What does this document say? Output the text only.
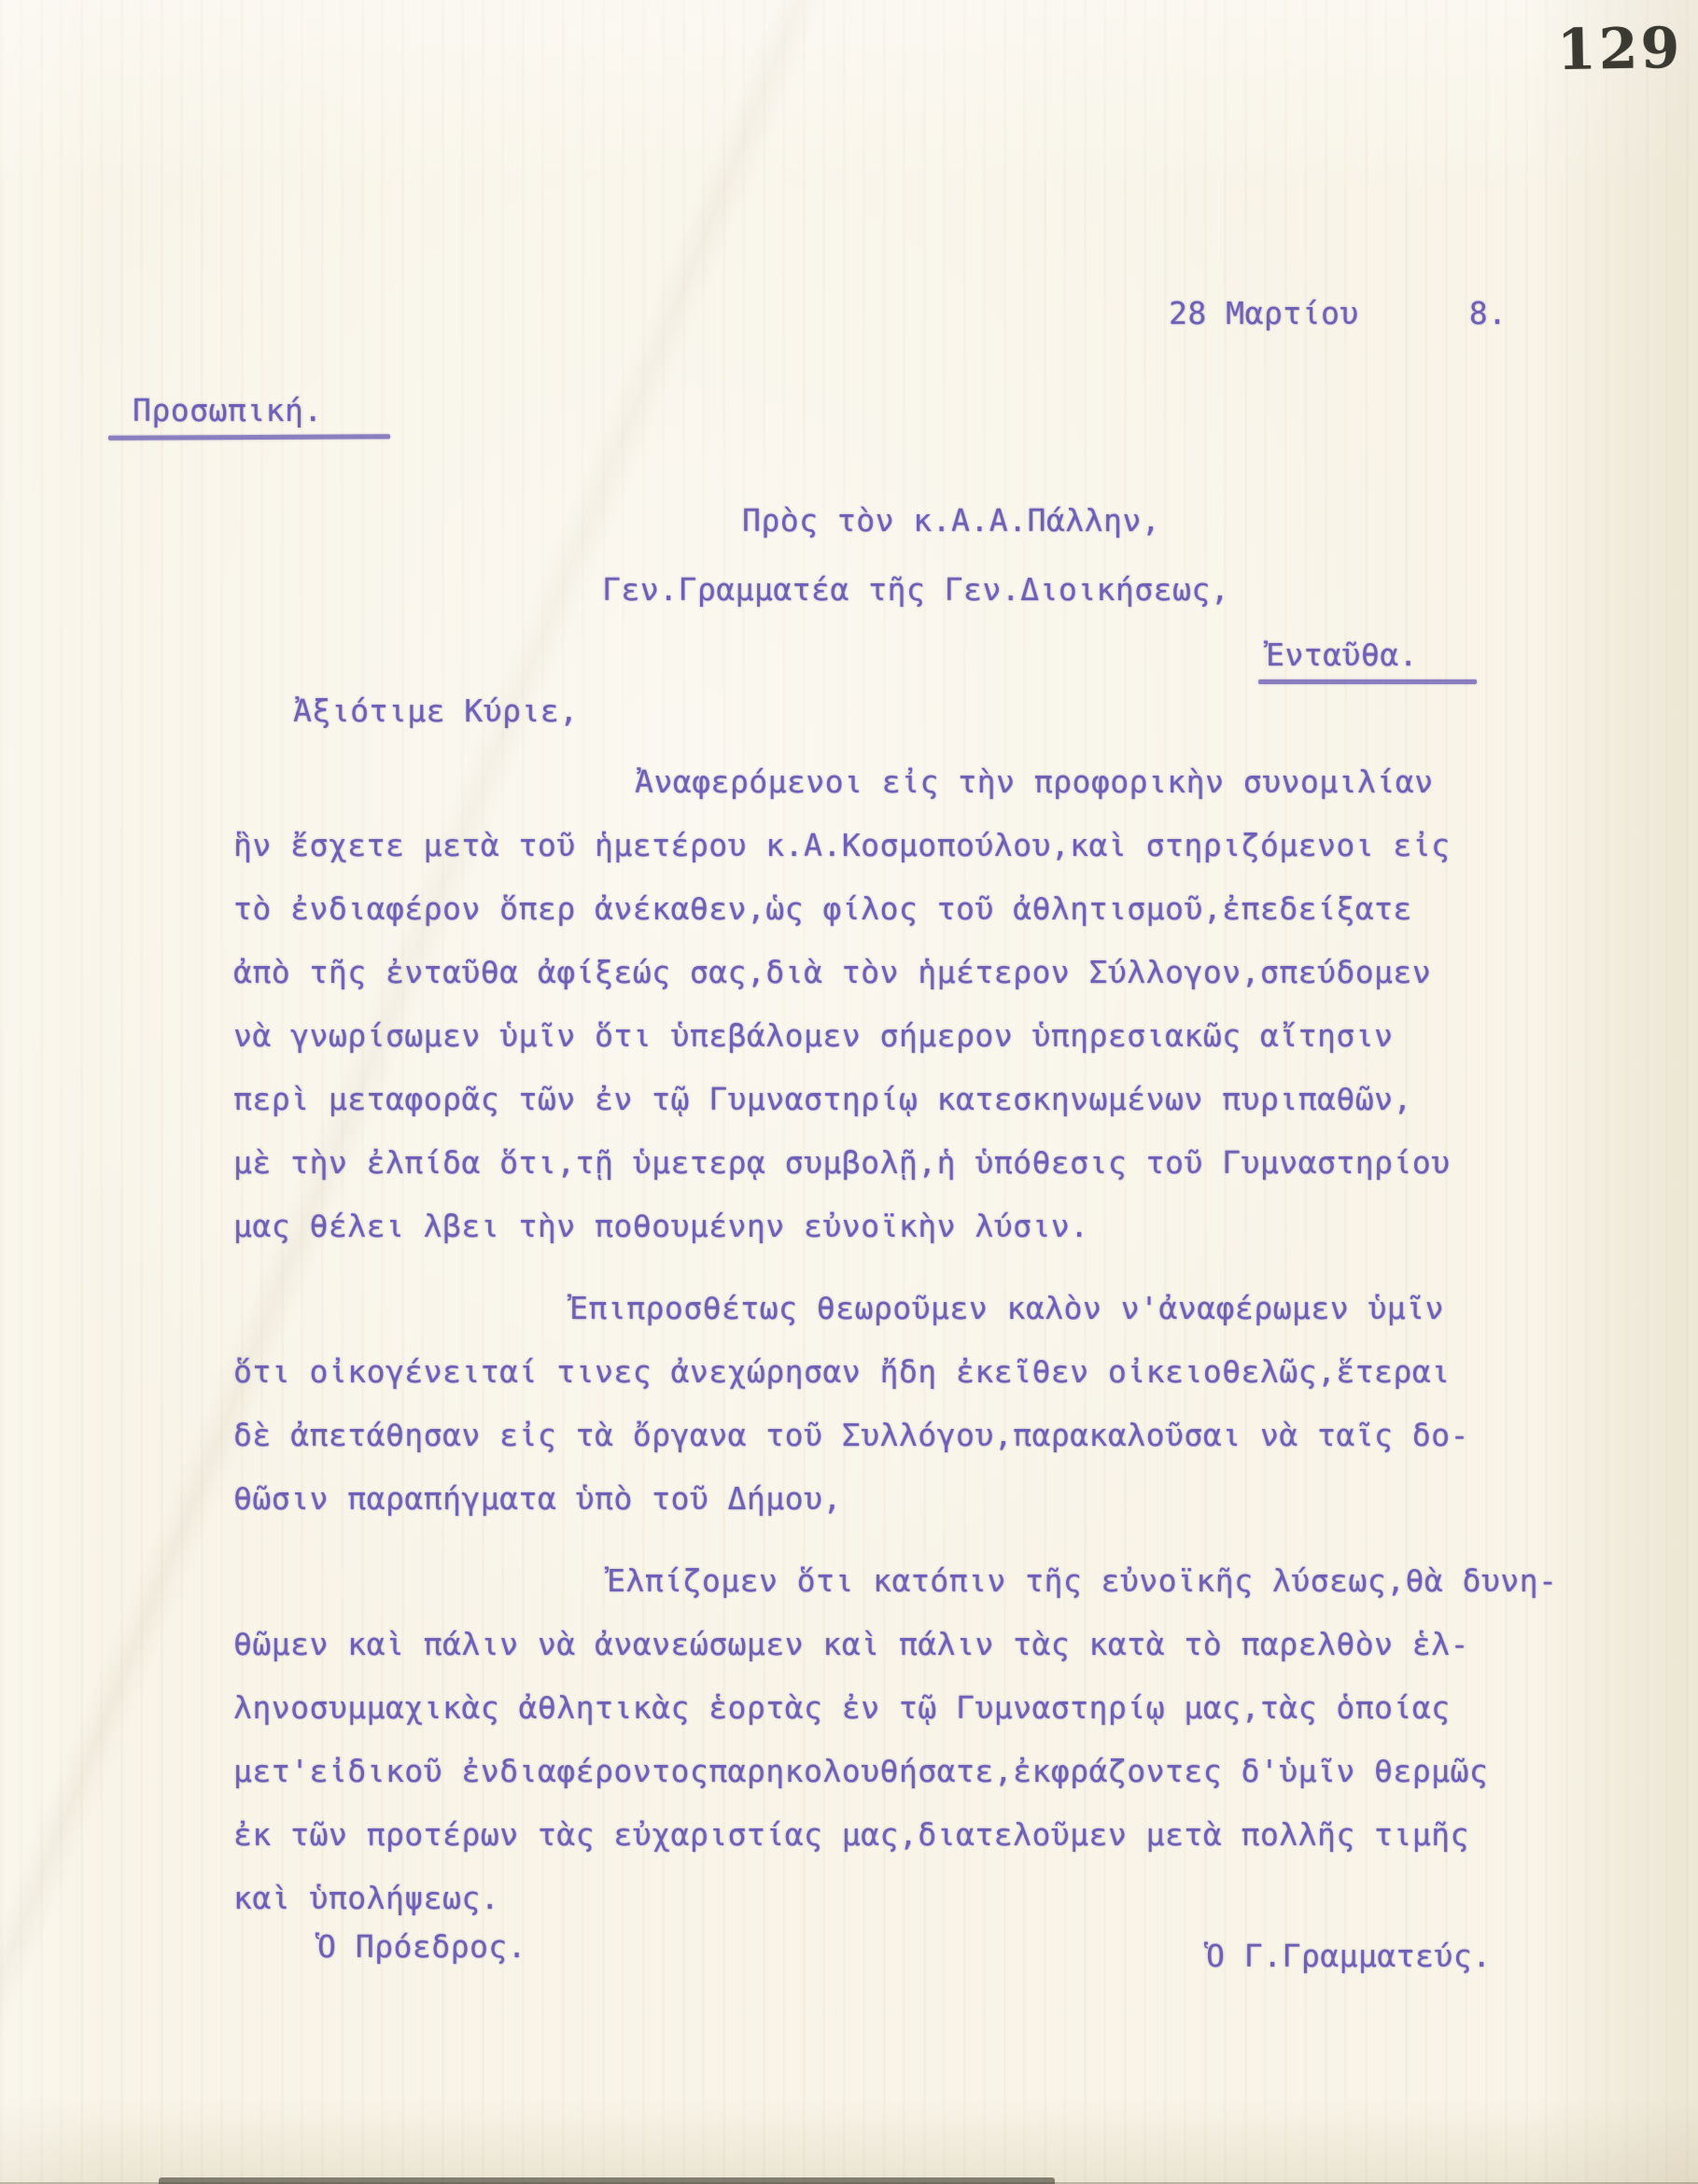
129
28 Μαρτίου	8.
Προσωπική.
Πρὸς τὸν κ.Α.Α.Πάλλην,
Γεν.Γραμματέα τῆς Γεν.Διοικήσεως,
Ἐνταῦθα.
Ἀξιότιμε Κύριε,
Ἀναφερόμενοι εἰς τὴν προφορικὴν συνομιλίαν
ἣν ἔσχετε μετὰ τοῦ ἡμετέρου κ.Α.Κοσμοπούλου,καὶ στηριζόμενοι εἰς
τὸ ἐνδιαφέρον ὅπερ ἀνέκαθεν,ὡς φίλος τοῦ ἀθλητισμοῦ,ἐπεδείξατε
ἀπὸ τῆς ἐνταῦθα ἀφίξεώς σας,διὰ τὸν ἡμέτερον Σύλλογον,σπεύδομεν
νὰ γνωρίσωμεν ὑμῖν ὅτι ὑπεβάλομεν σήμερον ὑπηρεσιακῶς αἴτησιν
περὶ μεταφορᾶς τῶν ἐν τῷ Γυμναστηρίῳ κατεσκηνωμένων πυριπαθῶν,
μὲ τὴν ἐλπίδα ὅτι,τῇ ὑμετερᾳ συμβολῇ,ἡ ὑπόθεσις τοῦ Γυμναστηρίου
μας θέλει λβει τὴν ποθουμένην εὐνοϊκὴν λύσιν.
Ἐπιπροσθέτως θεωροῦμεν καλὸν ν'ἀναφέρωμεν ὑμῖν
ὅτι οἰκογένειταί τινες ἀνεχώρησαν ἤδη ἐκεῖθεν οἰκειοθελῶς,ἕτεραι
δὲ ἀπετάθησαν εἰς τὰ ὄργανα τοῦ Συλλόγου,παρακαλοῦσαι νὰ ταῖς δο-
θῶσιν παραπήγματα ὑπὸ τοῦ Δήμου,
Ἐλπίζομεν ὅτι κατόπιν τῆς εὐνοϊκῆς λύσεως,θὰ δυνη-
θῶμεν καὶ πάλιν νὰ ἀνανεώσωμεν καὶ πάλιν τὰς κατὰ τὸ παρελθὸν ἑλ-
ληνοσυμμαχικὰς ἀθλητικὰς ἑορτὰς ἐν τῷ Γυμναστηρίῳ μας,τὰς ὁποίας
μετ'εἰδικοῦ ἐνδιαφέροντοςπαρηκολουθήσατε,ἐκφράζοντες δ'ὑμῖν θερμῶς
ἐκ τῶν προτέρων τὰς εὐχαριστίας μας,διατελοῦμεν μετὰ πολλῆς τιμῆς
καὶ ὑπολήψεως.
Ὁ Πρόεδρος.	Ὁ Γ.Γραμματεύς.
